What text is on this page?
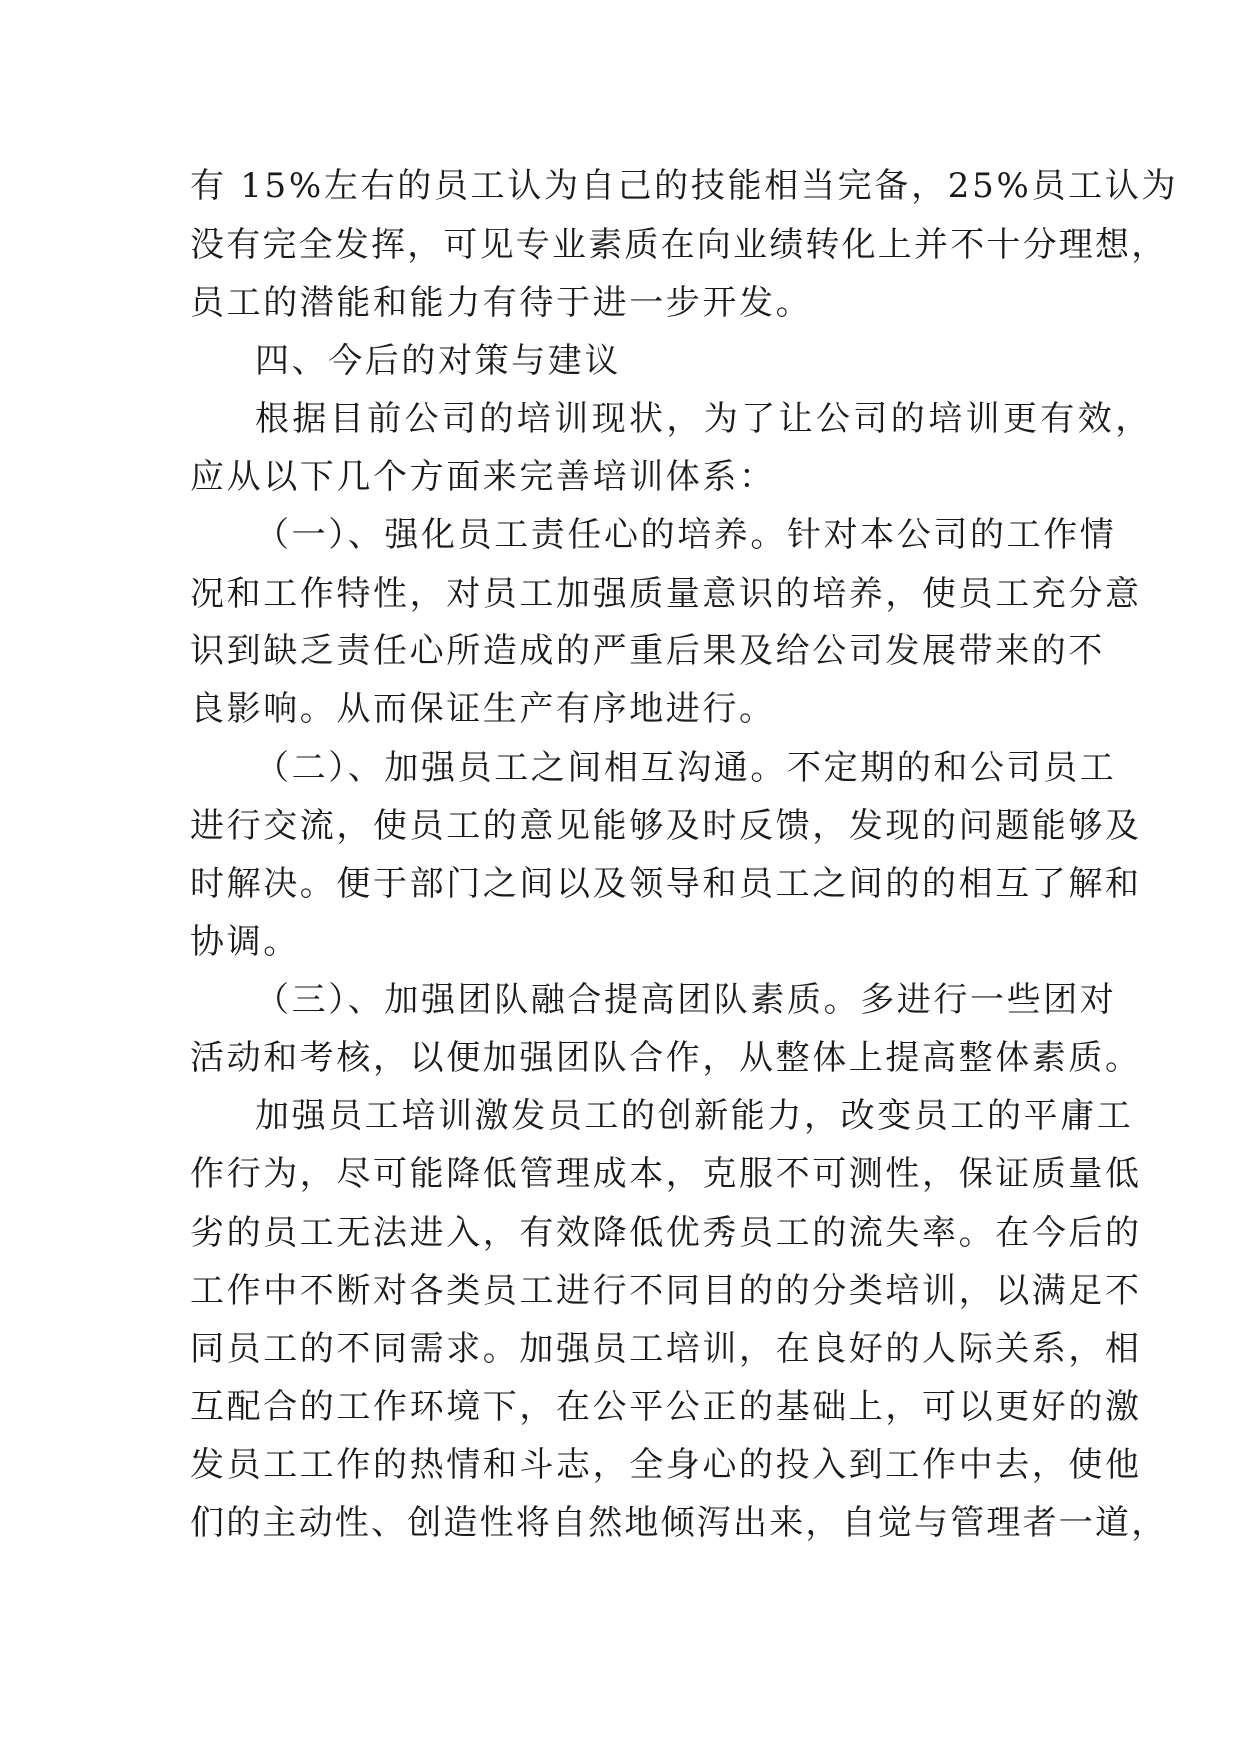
有 15%左右的员工认为自己的技能相当完备，25%员工认为
没有完全发挥，可见专业素质在向业绩转化上并不十分理想，
员工的潜能和能力有待于进一步开发。
四、今后的对策与建议
根据目前公司的培训现状，为了让公司的培训更有效，
应从以下几个方面来完善培训体系：
（一）、强化员工责任心的培养。针对本公司的工作情
况和工作特性，对员工加强质量意识的培养，使员工充分意
识到缺乏责任心所造成的严重后果及给公司发展带来的不
良影响。从而保证生产有序地进行。
（二）、加强员工之间相互沟通。不定期的和公司员工
进行交流，使员工的意见能够及时反馈，发现的问题能够及
时解决。便于部门之间以及领导和员工之间的的相互了解和
协调。
（三）、加强团队融合提高团队素质。多进行一些团对
活动和考核，以便加强团队合作，从整体上提高整体素质。
加强员工培训激发员工的创新能力，改变员工的平庸工
作行为，尽可能降低管理成本，克服不可测性，保证质量低
劣的员工无法进入，有效降低优秀员工的流失率。在今后的
工作中不断对各类员工进行不同目的的分类培训，以满足不
同员工的不同需求。加强员工培训，在良好的人际关系，相
互配合的工作环境下，在公平公正的基础上，可以更好的激
发员工工作的热情和斗志，全身心的投入到工作中去，使他
们的主动性、创造性将自然地倾泻出来，自觉与管理者一道，
